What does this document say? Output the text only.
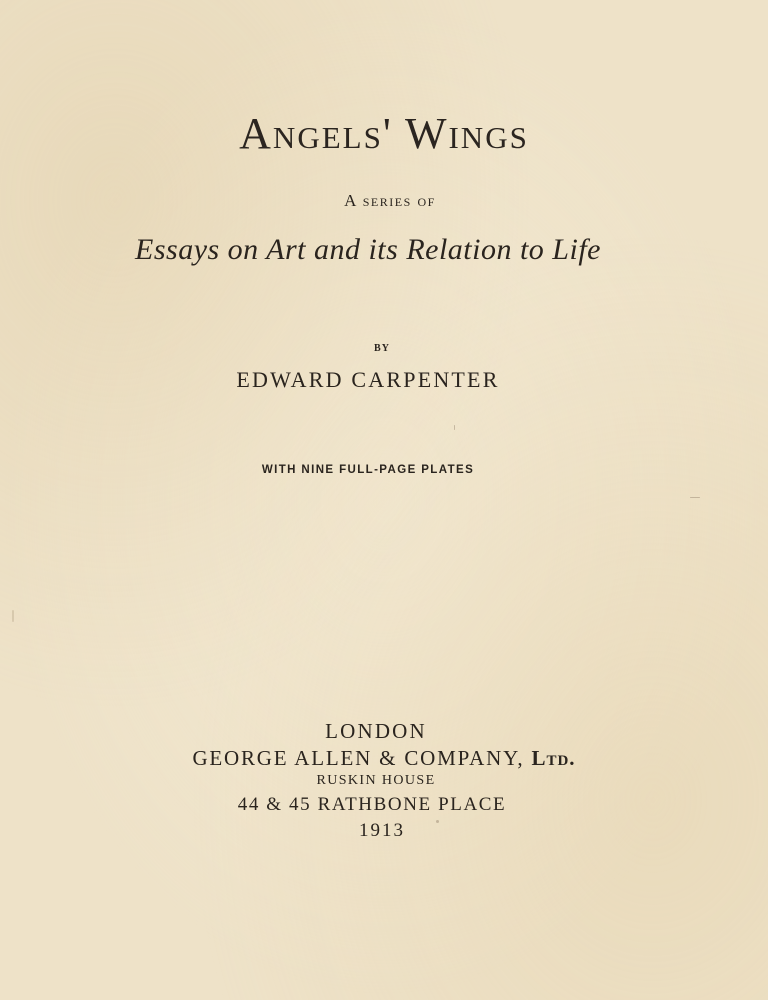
Angels' Wings
A series of
Essays on Art and its Relation to Life
BY
EDWARD CARPENTER
WITH NINE FULL-PAGE PLATES
LONDON
GEORGE ALLEN & COMPANY, Ltd.
RUSKIN HOUSE
44 & 45 RATHBONE PLACE
1913
